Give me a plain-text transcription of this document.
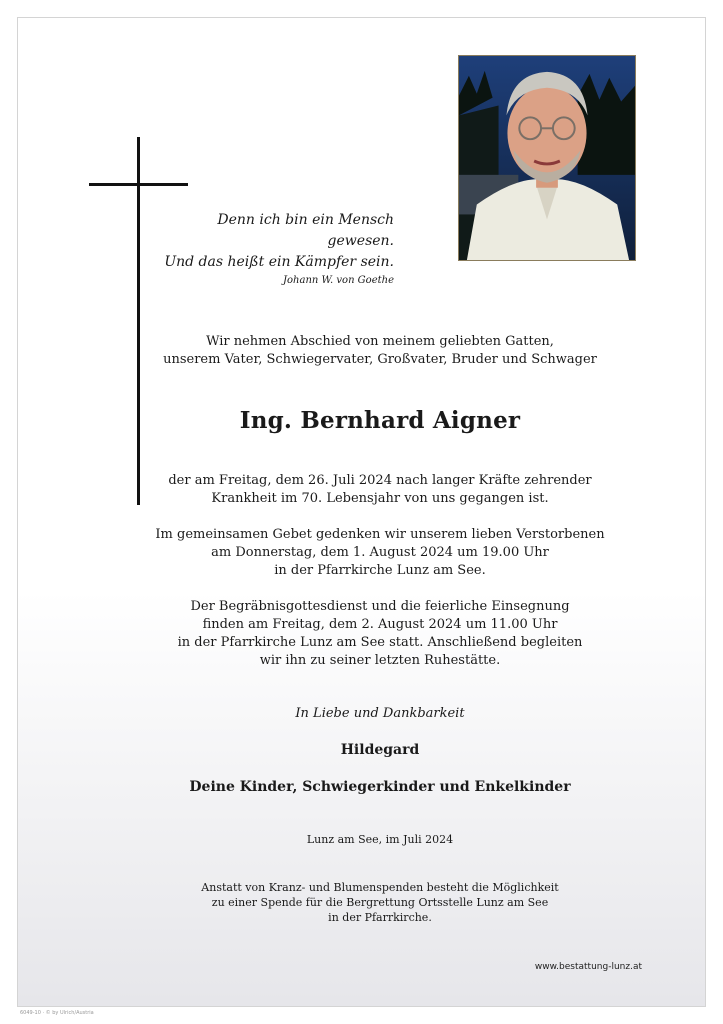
Denn ich bin ein Mensch gewesen.
Und das heißt ein Kämpfer sein.
Johann W. von Goethe
Wir nehmen Abschied von meinem geliebten Gatten,
unserem Vater, Schwiegervater, Großvater, Bruder und Schwager
Ing. Bernhard Aigner
der am Freitag, dem 26. Juli 2024 nach langer Kräfte zehrender
Krankheit im 70. Lebensjahr von uns gegangen ist.
Im gemeinsamen Gebet gedenken wir unserem lieben Verstorbenen
am Donnerstag, dem 1. August 2024 um 19.00 Uhr
in der Pfarrkirche Lunz am See.
Der Begräbnisgottesdienst und die feierliche Einsegnung
finden am Freitag, dem 2. August 2024 um 11.00 Uhr
in der Pfarrkirche Lunz am See statt. Anschließend begleiten
wir ihn zu seiner letzten Ruhestätte.
In Liebe und Dankbarkeit
Hildegard
Deine Kinder, Schwiegerkinder und Enkelkinder
Lunz am See, im Juli 2024
Anstatt von Kranz- und Blumenspenden besteht die Möglichkeit
zu einer Spende für die Bergrettung Ortsstelle Lunz am See
in der Pfarrkirche.
www.bestattung-lunz.at
6049-10 · © by Ulrich/Austria
